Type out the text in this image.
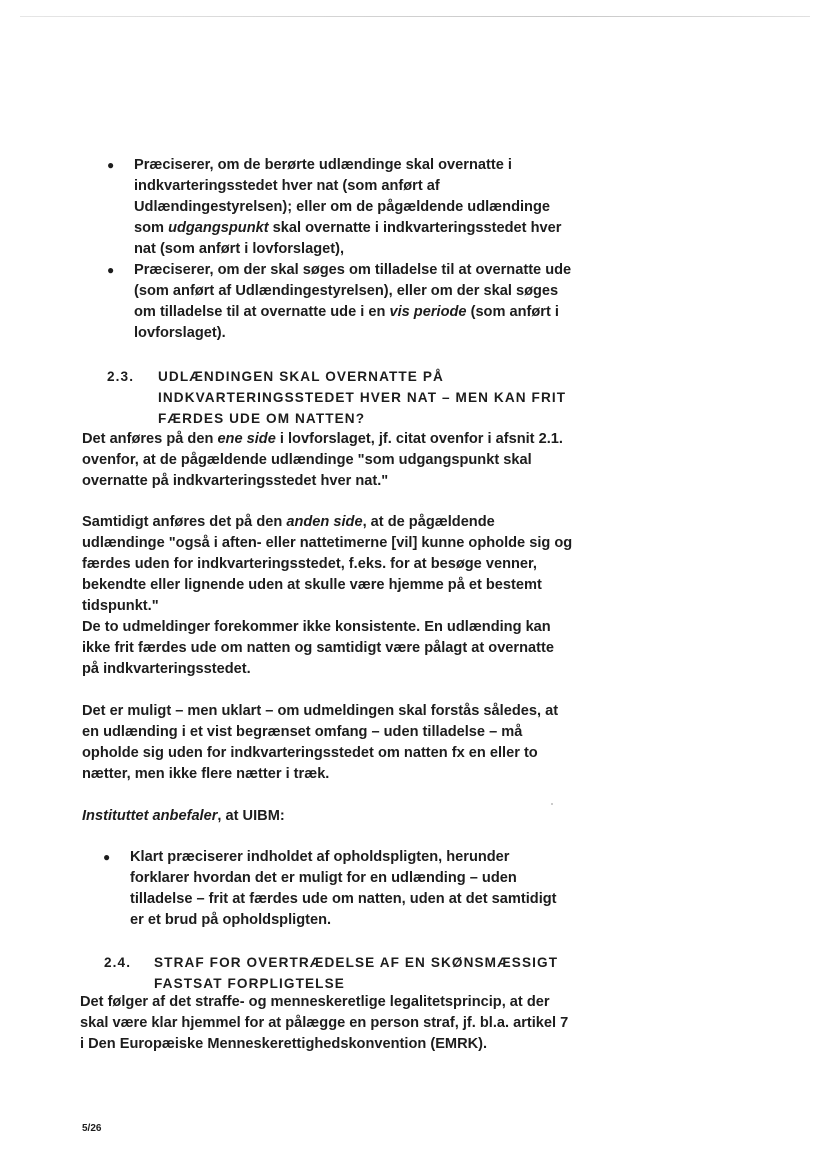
● Præciserer, om de berørte udlændinge skal overnatte i indkvarteringsstedet hver nat (som anført af Udlændingestyrelsen); eller om de pågældende udlændinge som udgangspunkt skal overnatte i indkvarteringsstedet hver nat (som anført i lovforslaget),
● Præciserer, om der skal søges om tilladelse til at overnatte ude (som anført af Udlændingestyrelsen), eller om der skal søges om tilladelse til at overnatte ude i en vis periode (som anført i lovforslaget).
2.3. UDLÆNDINGEN SKAL OVERNATTE PÅ
INDKVARTERINGSSTEDET HVER NAT – MEN KAN FRIT
FÆRDES UDE OM NATTEN?

Det anføres på den ene side i lovforslaget, jf. citat ovenfor i afsnit 2.1. ovenfor, at de pågældende udlændinge "som udgangspunkt skal overnatte på indkvarteringsstedet hver nat."

Samtidigt anføres det på den anden side, at de pågældende udlændinge "også i aften- eller nattetimerne [vil] kunne opholde sig og færdes uden for indkvarteringsstedet, f.eks. for at besøge venner, bekendte eller lignende uden at skulle være hjemme på et bestemt tidspunkt."

De to udmeldinger forekommer ikke konsistente. En udlænding kan ikke frit færdes ude om natten og samtidigt være pålagt at overnatte på indkvarteringsstedet.

Det er muligt – men uklart – om udmeldingen skal forstås således, at en udlænding i et vist begrænset omfang – uden tilladelse – må opholde sig uden for indkvarteringsstedet om natten fx en eller to nætter, men ikke flere nætter i træk.

Instituttet anbefaler, at UIBM:

● Klart præciserer indholdet af opholdspligten, herunder forklarer hvordan det er muligt for en udlænding – uden tilladelse – frit at færdes ude om natten, uden at det samtidigt er et brud på opholdspligten.
2.4. STRAF FOR OVERTRÆDELSE AF EN SKØNSMÆSSIGT
FASTSAT FORPLIGTELSE

Det følger af det straffe- og menneskeretlige legalitetsprincip, at der skal være klar hjemmel for at pålægge en person straf, jf. bl.a. artikel 7 i Den Europæiske Menneskerettighedskonvention (EMRK).

5/26
